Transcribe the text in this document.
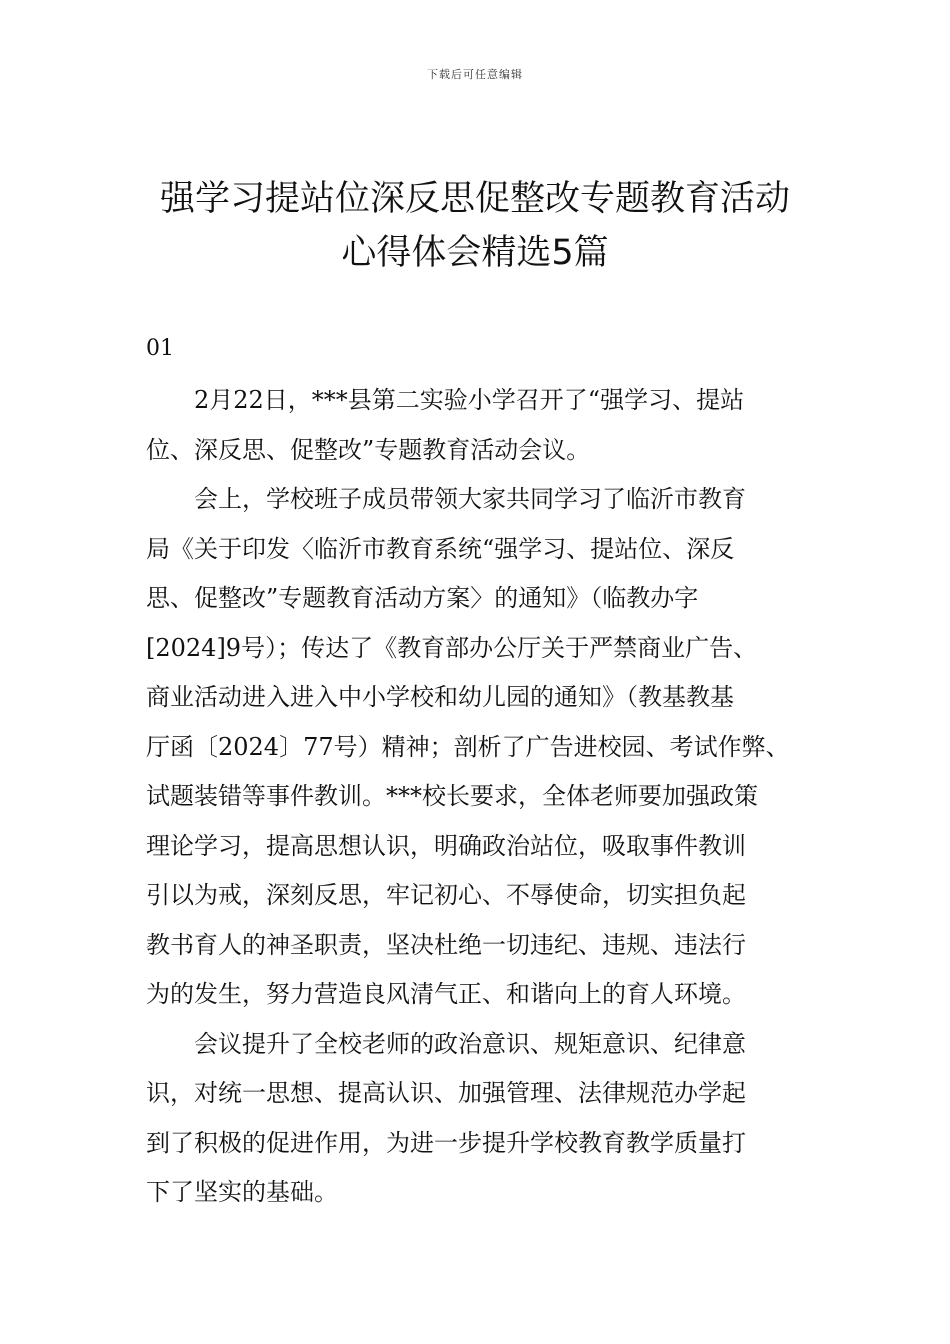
下载后可任意编辑
强学习提站位深反思促整改专题教育活动
心得体会精选5篇
01
2月22日，***县第二实验小学召开了“强学习、提站
位、深反思、促整改”专题教育活动会议。
会上，学校班子成员带领大家共同学习了临沂市教育
局《关于印发〈临沂市教育系统“强学习、提站位、深反
思、促整改”专题教育活动方案〉的通知》（临教办字
[2024]9号）；传达了《教育部办公厅关于严禁商业广告、
商业活动进入进入中小学校和幼儿园的通知》（教基教基
厅函〔2024〕77号）精神；剖析了广告进校园、考试作弊、
试题装错等事件教训。***校长要求，全体老师要加强政策
理论学习，提高思想认识，明确政治站位，吸取事件教训
引以为戒，深刻反思，牢记初心、不辱使命，切实担负起
教书育人的神圣职责，坚决杜绝一切违纪、违规、违法行
为的发生，努力营造良风清气正、和谐向上的育人环境。
会议提升了全校老师的政治意识、规矩意识、纪律意
识，对统一思想、提高认识、加强管理、法律规范办学起
到了积极的促进作用，为进一步提升学校教育教学质量打
下了坚实的基础。
